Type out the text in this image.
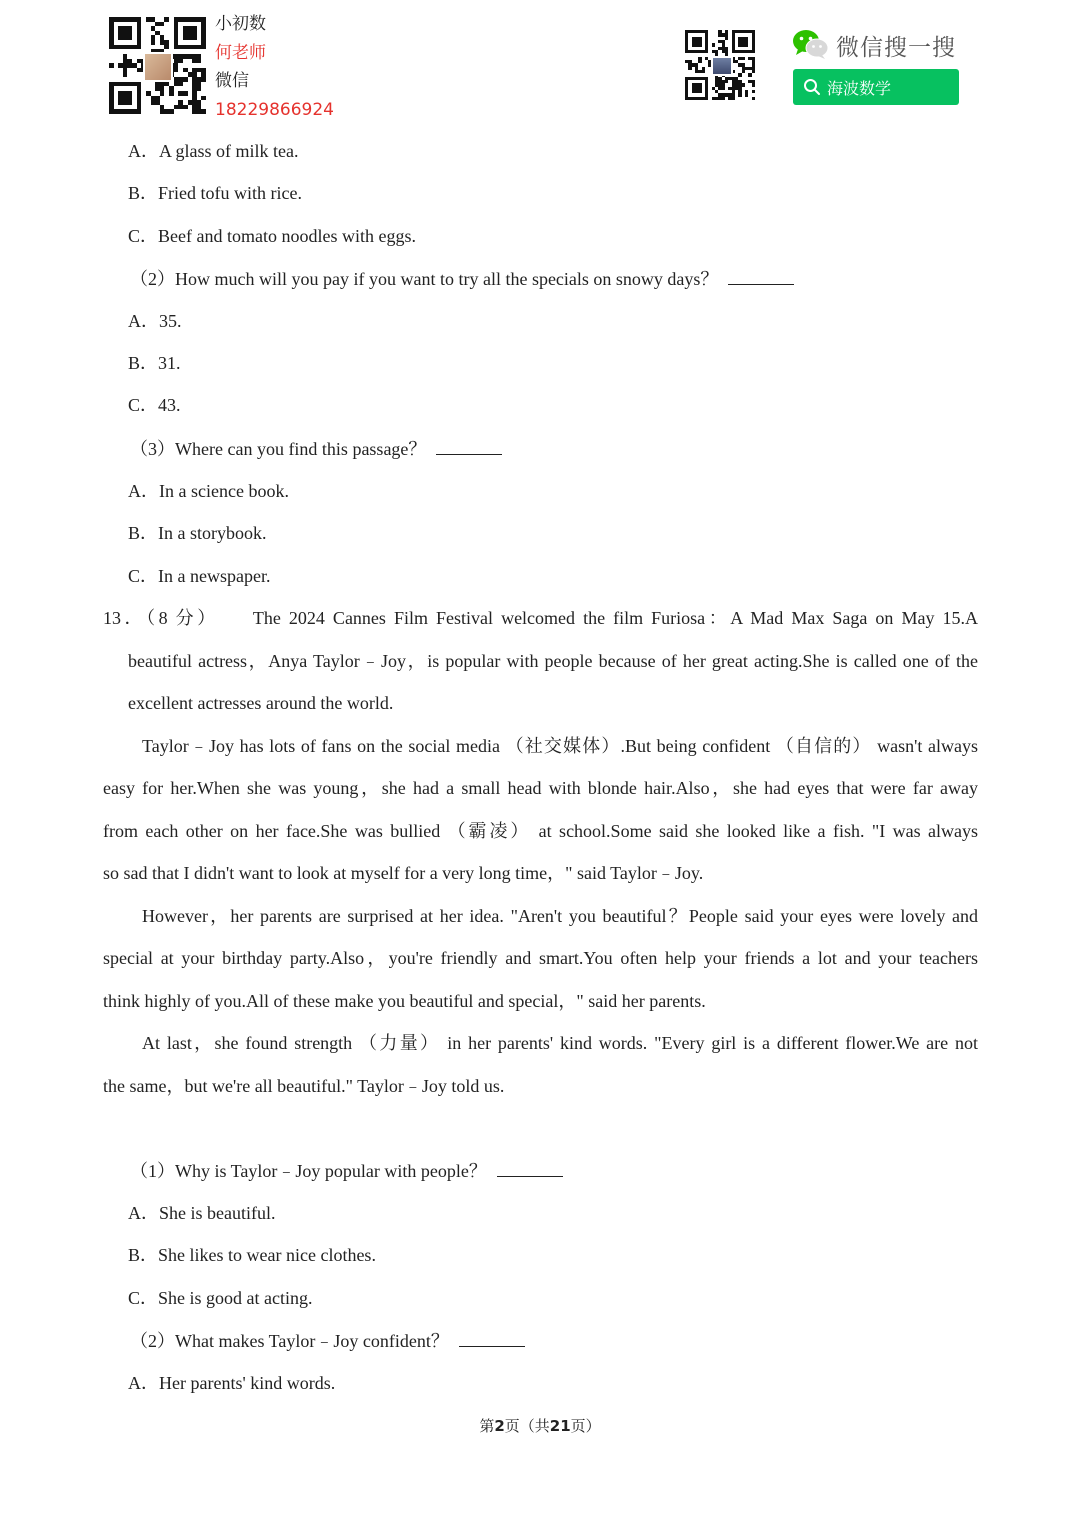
小初数
何老师
微信
18229866924
微信搜一搜
海波数学
A．A glass of milk tea.
B．Fried tofu with rice.
C．Beef and tomato noodles with eggs.
（2）How much will you pay if you want to try all the specials on snowy days？
A．35.
B．31.
C．43.
（3）Where can you find this passage？
A．In a science book.
B．In a storybook.
C．In a newspaper.
13．（8 分）　　The 2024 Cannes Film Festival welcomed the film Furiosa：A Mad Max Saga on May 15.A
beautiful actress，Anya Taylor﹣Joy，is popular with people because of her great acting.She is called one of the
excellent actresses around the world.
Taylor﹣Joy has lots of fans on the social media （社交媒体）.But being confident （自信的） wasn't always
easy for her.When she was young，she had a small head with blonde hair.Also，she had eyes that were far away
from each other on her face.She was bullied （霸凌） at school.Some said she looked like a fish. "I was always
so sad that I didn't want to look at myself for a very long time，" said Taylor﹣Joy.
However，her parents are surprised at her idea. "Aren't you beautiful？People said your eyes were lovely and
special at your birthday party.Also，you're friendly and smart.You often help your friends a lot and your teachers
think highly of you.All of these make you beautiful and special，" said her parents.
At last，she found strength （力量） in her parents' kind words. "Every girl is a different flower.We are not
the same，but we're all beautiful." Taylor﹣Joy told us.
（1）Why is Taylor﹣Joy popular with people？
A．She is beautiful.
B．She likes to wear nice clothes.
C．She is good at acting.
（2）What makes Taylor﹣Joy confident？
A．Her parents' kind words.
第2页（共21页）
